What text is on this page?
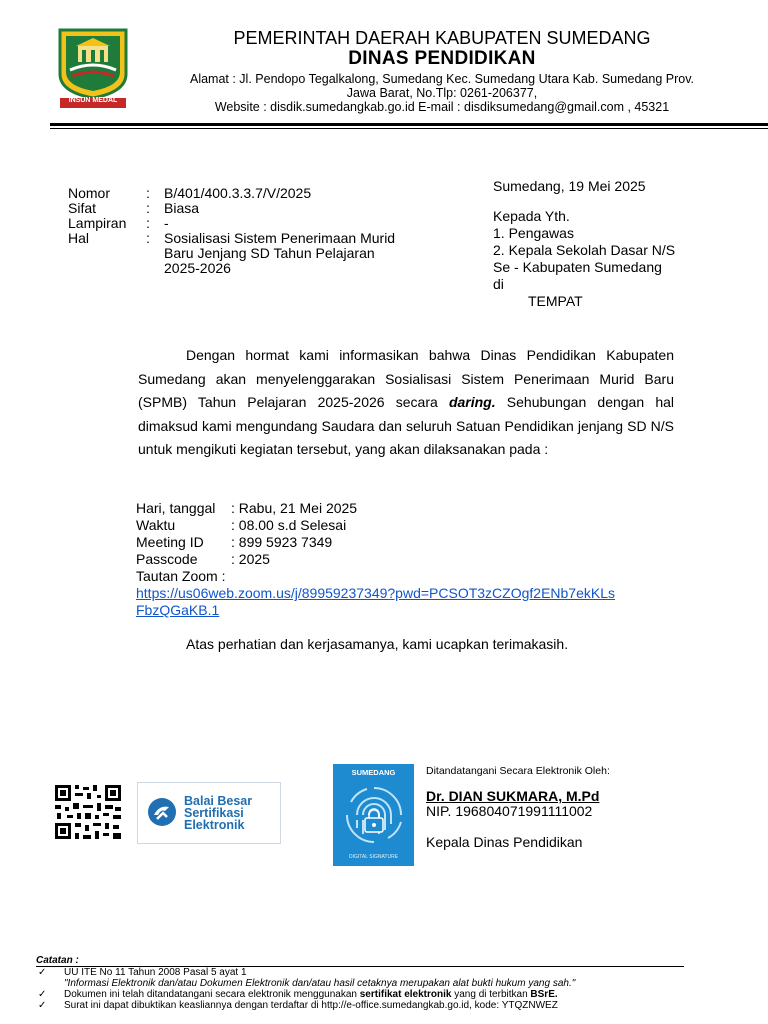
INSUN MEDAL
PEMERINTAH DAERAH KABUPATEN SUMEDANG
DINAS PENDIDIKAN
Alamat : Jl. Pendopo Tegalkalong, Sumedang Kec. Sumedang Utara Kab. Sumedang Prov.
Jawa Barat, No.Tlp: 0261-206377,
Website : disdik.sumedangkab.go.id E-mail : disdiksumedang@gmail.com , 45321
Nomor	:	B/401/400.3.3.7/V/2025
Sifat	:	Biasa
Lampiran	:	-
Hal	:	Sosialisasi Sistem Penerimaan Murid Baru Jenjang SD Tahun Pelajaran 2025-2026
Sumedang, 19 Mei 2025
Kepada Yth.
1. Pengawas
2. Kepala Sekolah Dasar N/S
Se - Kabupaten Sumedang
di
TEMPAT
Dengan hormat kami informasikan bahwa Dinas Pendidikan Kabupaten Sumedang akan menyelenggarakan Sosialisasi Sistem Penerimaan Murid Baru (SPMB) Tahun Pelajaran 2025-2026 secara daring. Sehubungan dengan hal dimaksud kami mengundang Saudara dan seluruh Satuan Pendidikan jenjang SD N/S untuk mengikuti kegiatan tersebut, yang akan dilaksanakan pada :
Hari, tanggal	: Rabu, 21 Mei 2025
Waktu	: 08.00 s.d Selesai
Meeting ID	: 899 5923 7349
Passcode	: 2025
Tautan Zoom :
https://us06web.zoom.us/j/89959237349?pwd=PCSOT3zCZOgf2ENb7ekKLs
FbzQGaKB.1
Atas perhatian dan kerjasamanya, kami ucapkan terimakasih.
Balai Besar
Sertifikasi
Elektronik
SUMEDANG
DIGITAL SIGNATURE
Ditandatangani Secara Elektronik Oleh:
Dr. DIAN SUKMARA, M.Pd
NIP. 196804071991111002
Kepala Dinas Pendidikan
Catatan :
✓	UU ITE No 11 Tahun 2008 Pasal 5 ayat 1
"Informasi Elektronik dan/atau Dokumen Elektronik dan/atau hasil cetaknya merupakan alat bukti hukum yang sah."
✓	Dokumen ini telah ditandatangani secara elektronik menggunakan sertifikat elektronik yang di terbitkan BSrE.
✓	Surat ini dapat dibuktikan keasliannya dengan terdaftar di http://e-office.sumedangkab.go.id, kode: YTQZNWEZ
